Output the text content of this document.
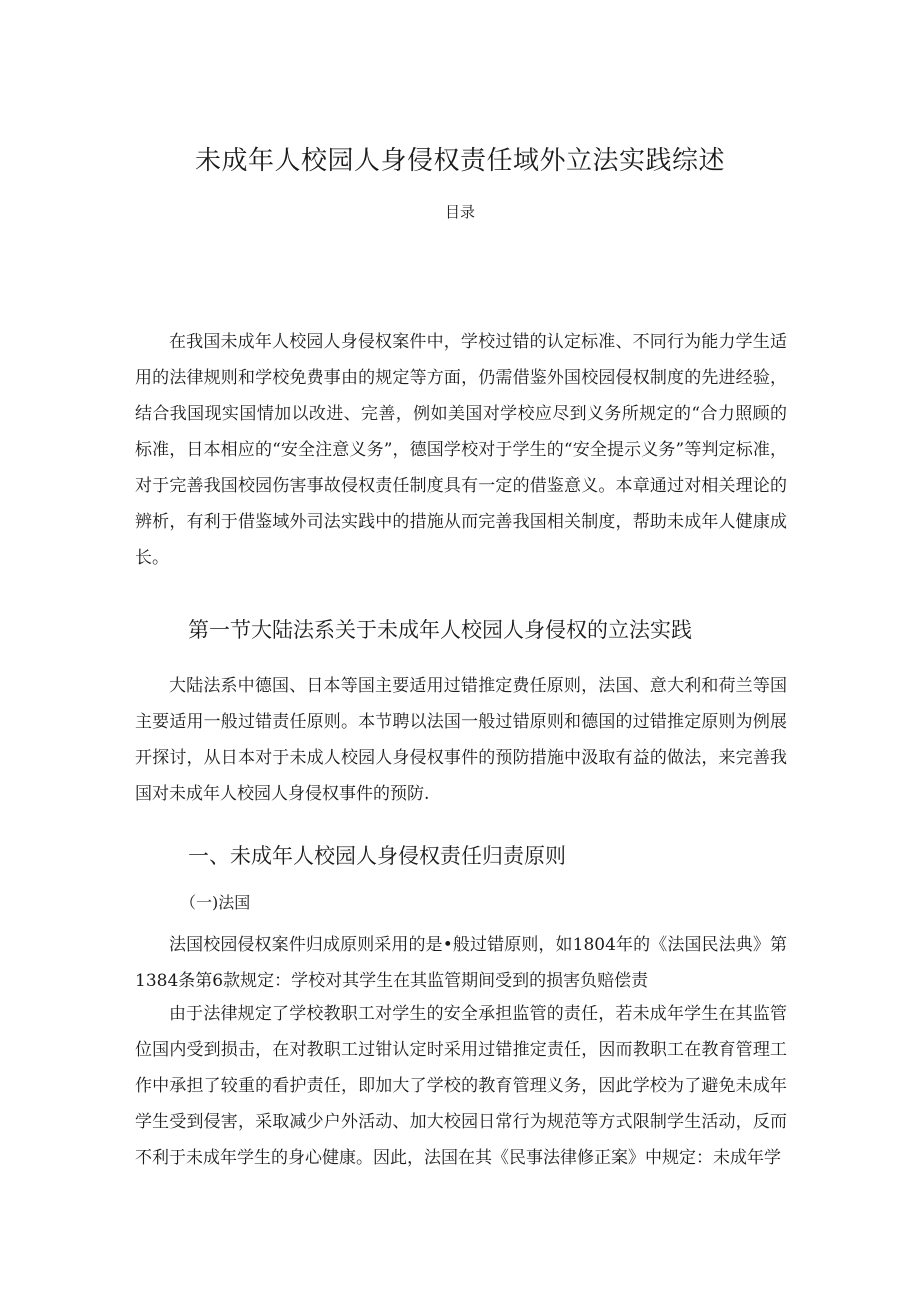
未成年人校园人身侵权责任域外立法实践综述
目录

在我国未成年人校园人身侵权案件中，学校过错的认定标准、不同行为能力学生适用的法律规则和学校免费事由的规定等方面，仍需借鉴外国校园侵权制度的先进经验，结合我国现实国情加以改进、完善，例如美国对学校应尽到义务所规定的“合力照顾的标准，日本相应的“安全注意义务”，德国学校对于学生的“安全提示义务”等判定标准，对于完善我国校园伤害事故侵权责任制度具有一定的借鉴意义。本章通过对相关理论的辨析，有利于借鉴域外司法实践中的措施从而完善我国相关制度，帮助未成年人健康成长。

第一节大陆法系关于未成年人校园人身侵权的立法实践

大陆法系中德国、日本等国主要适用过错推定费任原则，法国、意大利和荷兰等国主要适用一般过错责任原则。本节聘以法国一般过错原则和德国的过错推定原则为例展开探讨，从日本对于未成人校园人身侵权事件的预防措施中汲取有益的做法，来完善我国对未成年人校园人身侵权事件的预防.

一、未成年人校园人身侵权责任归责原则
（一)法国

法国校园侵权案件归成原则采用的是•般过错原则，如1804年的《法国民法典》第1384条第6款规定：学校对其学生在其监管期间受到的损害负赔偿责

由于法律规定了学校教职工对学生的安全承担监管的责任，若未成年学生在其监管位国内受到损击，在对教职工过钳认定时采用过错推定责任，因而教职工在教育管理工作中承担了较重的看护责任，即加大了学校的教育管理义务，因此学校为了避免未成年学生受到侵害，采取减少户外活动、加大校园日常行为规范等方式限制学生活动，反而不利于未成年学生的身心健康。因此，法国在其《民事法律修正案》中规定：未成年学
